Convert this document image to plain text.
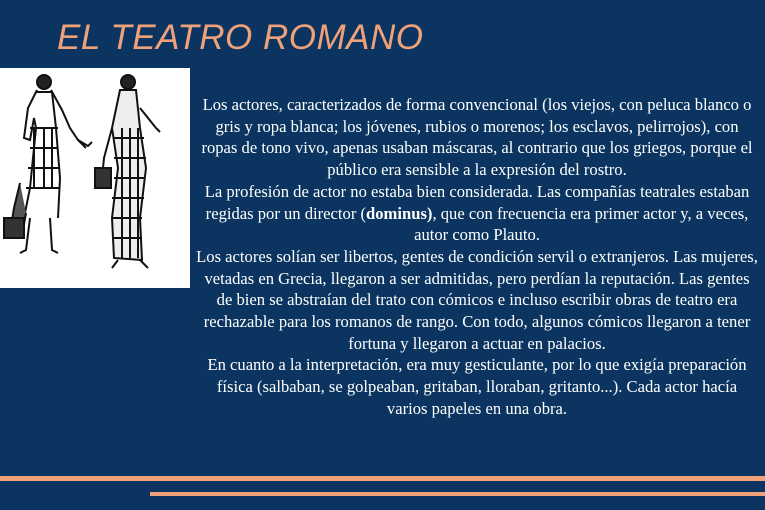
EL TEATRO ROMANO

Los actores, caracterizados de forma convencional (los viejos, con peluca blanco o gris y ropa blanca; los jóvenes, rubios o morenos; los esclavos, pelirrojos), con ropas de tono vivo, apenas usaban máscaras, al contrario que los griegos, porque el público era sensible a la expresión del rostro.

La profesión de actor no estaba bien considerada. Las compañías teatrales estaban regidas por un director (dominus), que con frecuencia era primer actor y, a veces, autor como Plauto.

Los actores solían ser libertos, gentes de condición servil o extranjeros. Las mujeres, vetadas en Grecia, llegaron a ser admitidas, pero perdían la reputación. Las gentes de bien se abstraían del trato con cómicos e incluso escribir obras de teatro era rechazable para los romanos de rango. Con todo, algunos cómicos llegaron a tener fortuna y llegaron a actuar en palacios.

En cuanto a la interpretación, era muy gesticulante, por lo que exigía preparación física (salbaban, se golpeaban, gritaban, lloraban, gritanto...). Cada actor hacía varios papeles en una obra.
